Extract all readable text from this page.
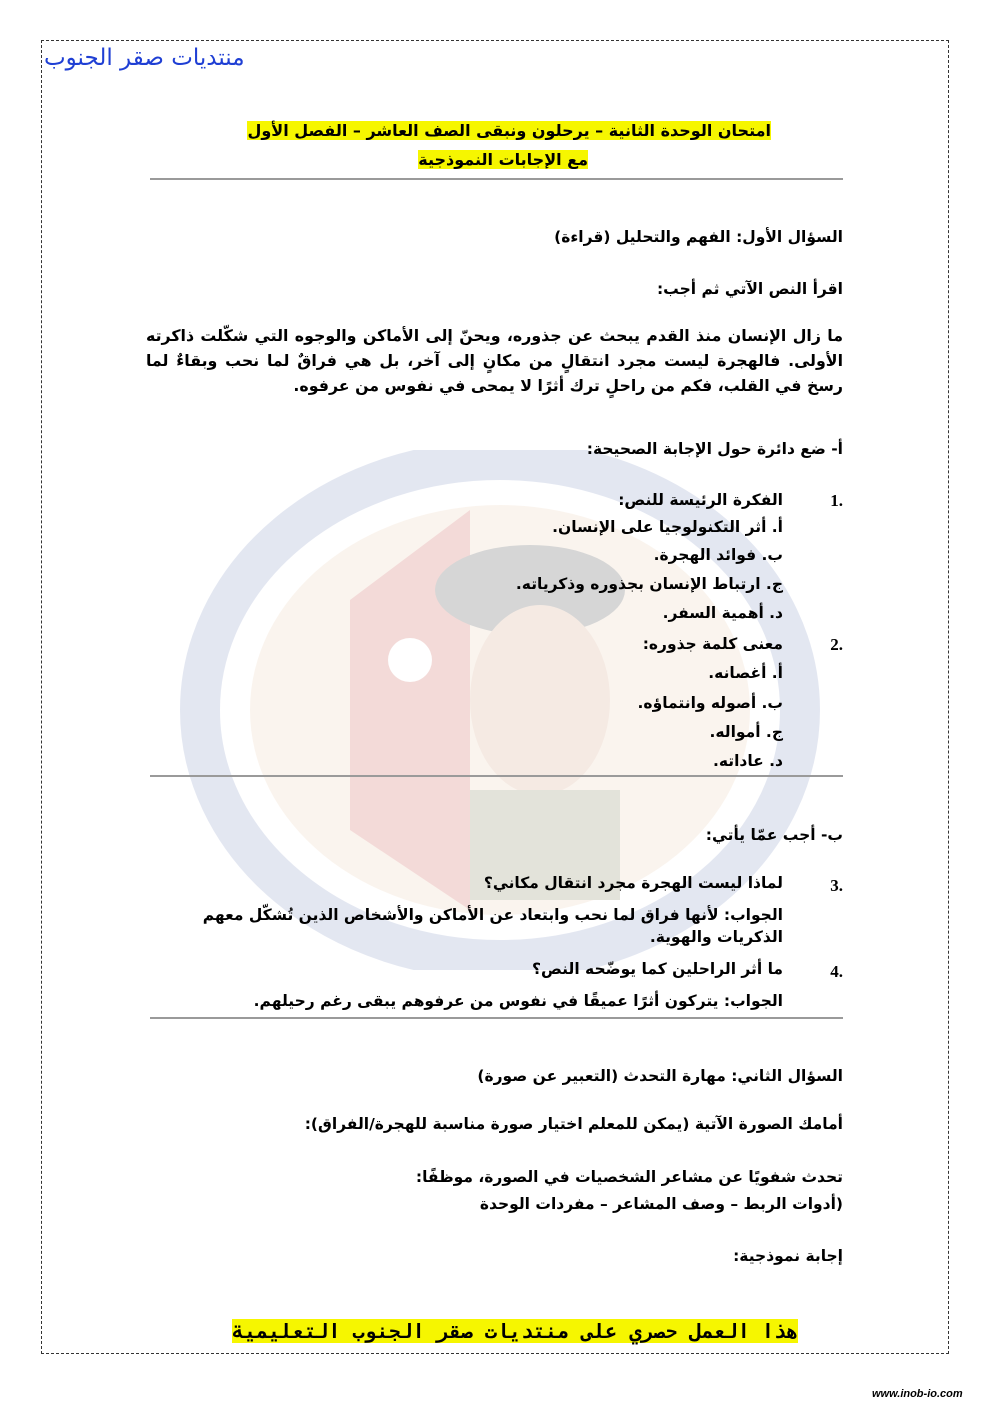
منتديات صقر الجنوب
امتحان الوحدة الثانية – يرحلون ونبقى الصف العاشر – الفصل الأول
مع الإجابات النموذجية
السؤال الأول: الفهم والتحليل (قراءة)
اقرأ النص الآتي ثم أجب:
ما زال الإنسان منذ القدم يبحث عن جذوره، ويحنّ إلى الأماكن والوجوه التي شكّلت ذاكرته الأولى. فالهجرة ليست مجرد انتقالٍ من مكانٍ إلى آخر، بل هي فراقٌ لما نحب وبقاءٌ لما رسخ في القلب، فكم من راحلٍ ترك أثرًا لا يمحى في نفوس من عرفوه.
أ- ضع دائرة حول الإجابة الصحيحة:
1.
الفكرة الرئيسة للنص:
أ. أثر التكنولوجيا على الإنسان.
ب. فوائد الهجرة.
ج. ارتباط الإنسان بجذوره وذكرياته.
د. أهمية السفر.
2.
معنى كلمة جذوره:
أ. أغصانه.
ب. أصوله وانتماؤه.
ج. أمواله.
د. عاداته.
ب- أجب عمّا يأتي:
3.
لماذا ليست الهجرة مجرد انتقال مكاني؟
الجواب: لأنها فراق لما نحب وابتعاد عن الأماكن والأشخاص الذين تُشكّل معهم الذكريات والهوية.
4.
ما أثر الراحلين كما يوضّحه النص؟
الجواب: يتركون أثرًا عميقًا في نفوس من عرفوهم يبقى رغم رحيلهم.
السؤال الثاني: مهارة التحدث (التعبير عن صورة)
أمامك الصورة الآتية (يمكن للمعلم اختيار صورة مناسبة للهجرة/الفراق):
تحدث شفويًا عن مشاعر الشخصيات في الصورة، موظفًا:
(أدوات الربط – وصف المشاعر – مفردات الوحدة
إجابة نموذجية:
هذا العمل حصري على منتديات صقر الجنوب التعليمية
www.inob-io.com
